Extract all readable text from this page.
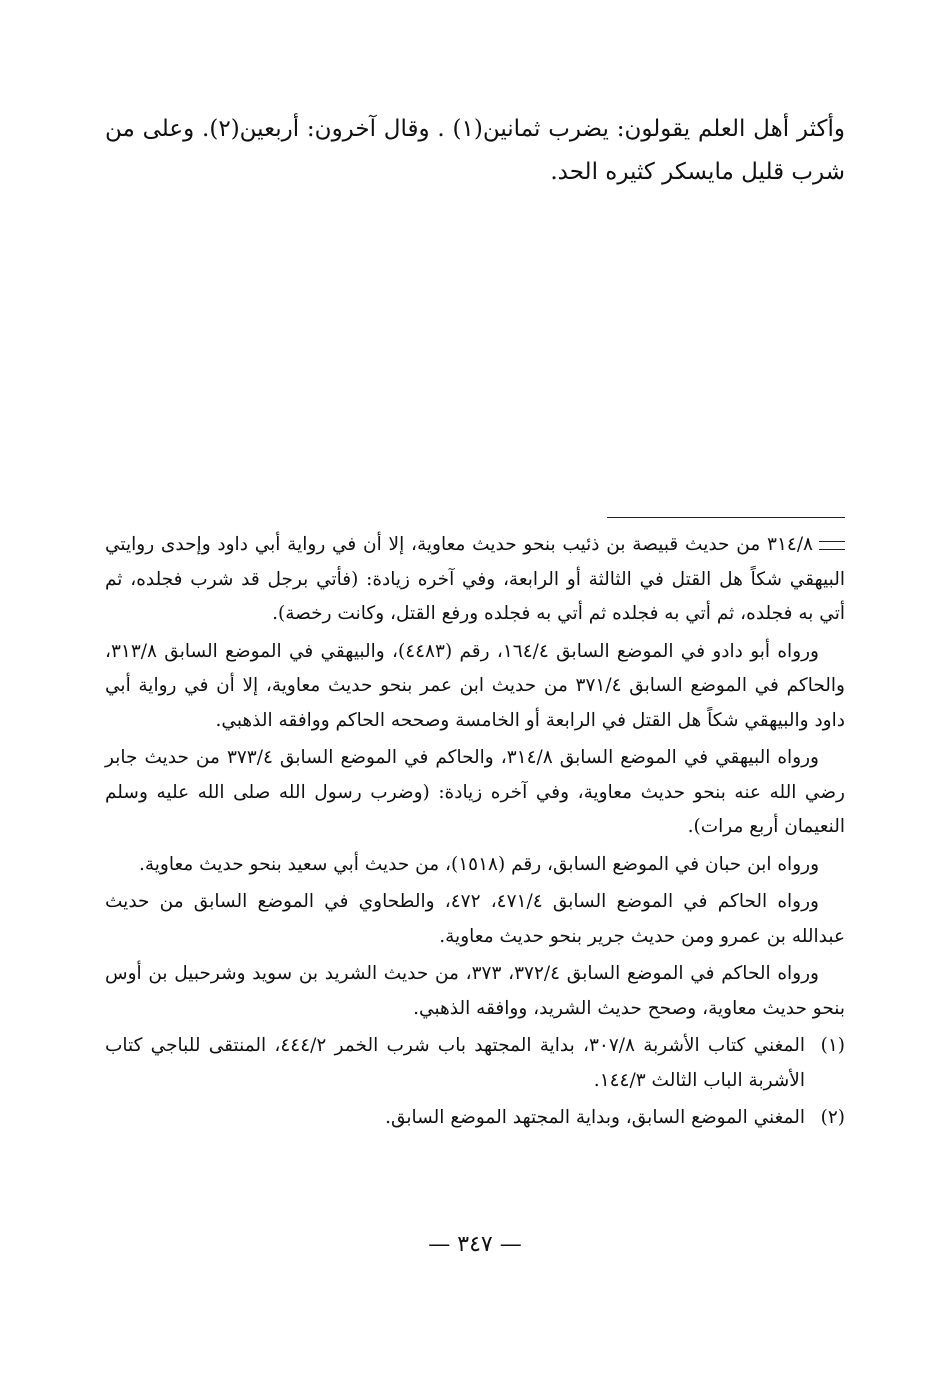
وأكثر أهل العلم يقولون: يضرب ثمانين(١) . وقال آخرون: أربعين(٢). وعلى من شرب قليل مايسكر كثيره الحد.

٣١٤/٨ من حديث قبيصة بن ذئيب بنحو حديث معاوية، إلا أن في رواية أبي داود وإحدى روايتي البيهقي شكاً هل القتل في الثالثة أو الرابعة، وفي آخره زيادة: (فأتي برجل قد شرب فجلده، ثم أتي به فجلده، ثم أتي به فجلده ثم أتي به فجلده ورفع القتل، وكانت رخصة).

ورواه أبو دادو في الموضع السابق ١٦٤/٤، رقم (٤٤٨٣)، والبيهقي في الموضع السابق ٣١٣/٨، والحاكم في الموضع السابق ٣٧١/٤ من حديث ابن عمر بنحو حديث معاوية، إلا أن في رواية أبي داود والبيهقي شكاً هل القتل في الرابعة أو الخامسة وصححه الحاكم ووافقه الذهبي.

ورواه البيهقي في الموضع السابق ٣١٤/٨، والحاكم في الموضع السابق ٣٧٣/٤ من حديث جابر رضي الله عنه بنحو حديث معاوية، وفي آخره زيادة: (وضرب رسول الله صلى الله عليه وسلم النعيمان أربع مرات).

ورواه ابن حبان في الموضع السابق، رقم (١٥١٨)، من حديث أبي سعيد بنحو حديث معاوية.

ورواه الحاكم في الموضع السابق ٤٧١/٤، ٤٧٢، والطحاوي في الموضع السابق من حديث عبدالله بن عمرو ومن حديث جرير بنحو حديث معاوية.

ورواه الحاكم في الموضع السابق ٣٧٢/٤، ٣٧٣، من حديث الشريد بن سويد وشرحبيل بن أوس بنحو حديث معاوية، وصحح حديث الشريد، ووافقه الذهبي.

(١)
المغني كتاب الأشربة ٣٠٧/٨، بداية المجتهد باب شرب الخمر ٤٤٤/٢، المنتقى للباجي كتاب الأشربة الباب الثالث ١٤٤/٣.
(٢)
المغني الموضع السابق، وبداية المجتهد الموضع السابق.
— ٣٤٧ —
